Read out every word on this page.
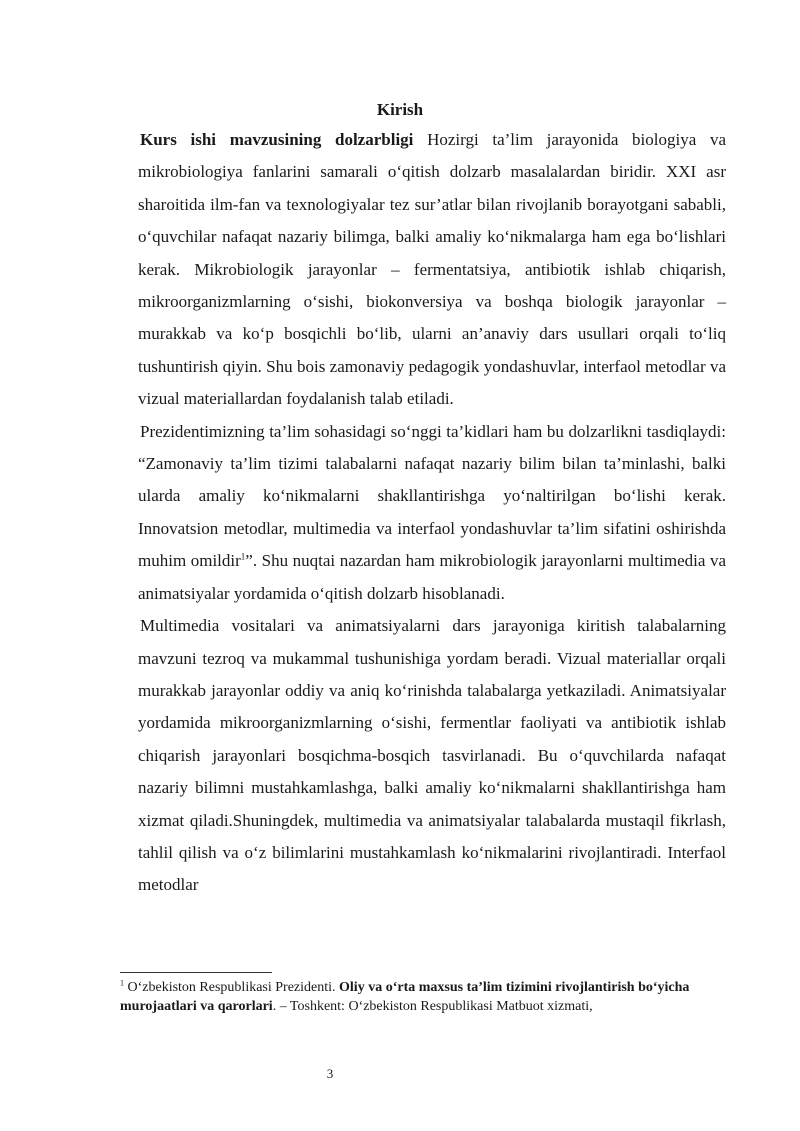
Kirish

Kurs ishi mavzusining dolzarbligi Hozirgi ta’lim jarayonida biologiya va mikrobiologiya fanlarini samarali o‘qitish dolzarb masalalardan biridir. XXI asr sharoitida ilm-fan va texnologiyalar tez sur’atlar bilan rivojlanib borayotgani sababli, o‘quvchilar nafaqat nazariy bilimga, balki amaliy ko‘nikmalarga ham ega bo‘lishlari kerak. Mikrobiologik jarayonlar – fermentatsiya, antibiotik ishlab chiqarish, mikroorganizmlarning o‘sishi, biokonversiya va boshqa biologik jarayonlar – murakkab va ko‘p bosqichli bo‘lib, ularni an’anaviy dars usullari orqali to‘liq tushuntirish qiyin. Shu bois zamonaviy pedagogik yondashuvlar, interfaol metodlar va vizual materiallardan foydalanish talab etiladi.

Prezidentimizning ta’lim sohasidagi so‘nggi ta’kidlari ham bu dolzarlikni tasdiqlaydi: “Zamonaviy ta’lim tizimi talabalarni nafaqat nazariy bilim bilan ta’minlashi, balki ularda amaliy ko‘nikmalarni shakllantirishga yo‘naltirilgan bo‘lishi kerak. Innovatsion metodlar, multimedia va interfaol yondashuvlar ta’lim sifatini oshirishda muhim omildir$^1$”. Shu nuqtai nazardan ham mikrobiologik jarayonlarni multimedia va animatsiyalar yordamida o‘qitish dolzarb hisoblanadi.

Multimedia vositalari va animatsiyalarni dars jarayoniga kiritish talabalarning mavzuni tezroq va mukammal tushunishiga yordam beradi. Vizual materiallar orqali murakkab jarayonlar oddiy va aniq ko‘rinishda talabalarga yetkaziladi. Animatsiyalar yordamida mikroorganizmlarning o‘sishi, fermentlar faoliyati va antibiotik ishlab chiqarish jarayonlari bosqichma-bosqich tasvirlanadi. Bu o‘quvchilarda nafaqat nazariy bilimni mustahkamlashga, balki amaliy ko‘nikmalarni shakllantirishga ham xizmat qiladi.Shuningdek, multimedia va animatsiyalar talabalarda mustaqil fikrlash, tahlil qilish va o‘z bilimlarini mustahkamlash ko‘nikmalarini rivojlantiradi. Interfaol metodlar

$^1$ O‘zbekiston Respublikasi Prezidenti. Oliy va o‘rta maxsus ta’lim tizimini rivojlantirish bo‘yicha murojaatlari va qarorlari. – Toshkent: O‘zbekiston Respublikasi Matbuot xizmati,
3
